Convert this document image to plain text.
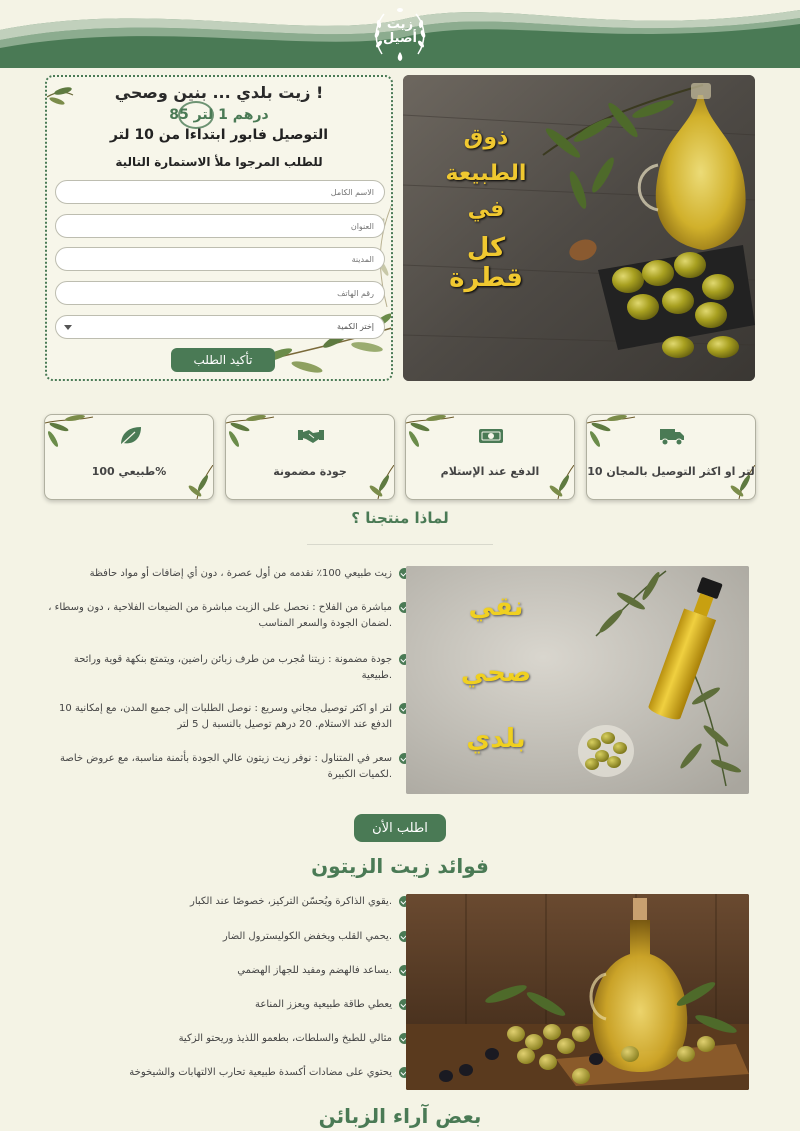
زيت
أصيل
زيت بلدي ... بنين وصحي !
85 درهم 1 لتر
التوصيل فابور ابتداءا من 10 لتر
للطلب المرجوا ملأ الاستمارة التالية
الاسم الكامل
العنوان
المدينة
رقم الهاتف
إختر الكمية
تأكيد الطلب
ذوق
الطبيعة
في
كل قطرة
10 لتر او اكثر التوصيل بالمجان
الدفع عند الإستلام
جودة مضمونة
طبيعي 100%
لماذا منتجنا ؟
زيت طبيعي 100٪ نقدمه من أول عصرة ، دون أي إضافات أو مواد حافظة
مباشرة من الفلاح : نحصل على الزيت مباشرة من الضيعات الفلاحية ، دون وسطاء ، لضمان الجودة والسعر المناسب.
جودة مضمونة : زيتنا مُجرب من طرف زبائن راضين، ويتمتع بنكهة قوية ورائحة طبيعية.
10 لتر او اكثر توصيل مجاني وسريع : نوصل الطلبات إلى جميع المدن، مع إمكانية الدفع عند الاستلام. 20 درهم توصيل بالنسبة ل 5 لتر
سعر في المتناول : نوفر زيت زيتون عالي الجودة بأثمنة مناسبة، مع عروض خاصة لكميات الكبيرة.
نقي
صحي
بلدي
اطلب الأن
فوائد زيت الزيتون
يقوي الذاكرة ويُحسّن التركيز، خصوصًا عند الكبار.
يحمي القلب ويخفض الكوليسترول الضار.
يساعد فالهضم ومفيد للجهاز الهضمي.
يعطي طاقة طبيعية ويعزز المناعة
مثالي للطبخ والسلطات، بطعمو اللذيذ وريحتو الزكية
يحتوي على مضادات أكسدة طبيعية تحارب الالتهابات والشيخوخة
بعض آراء الزبائن
